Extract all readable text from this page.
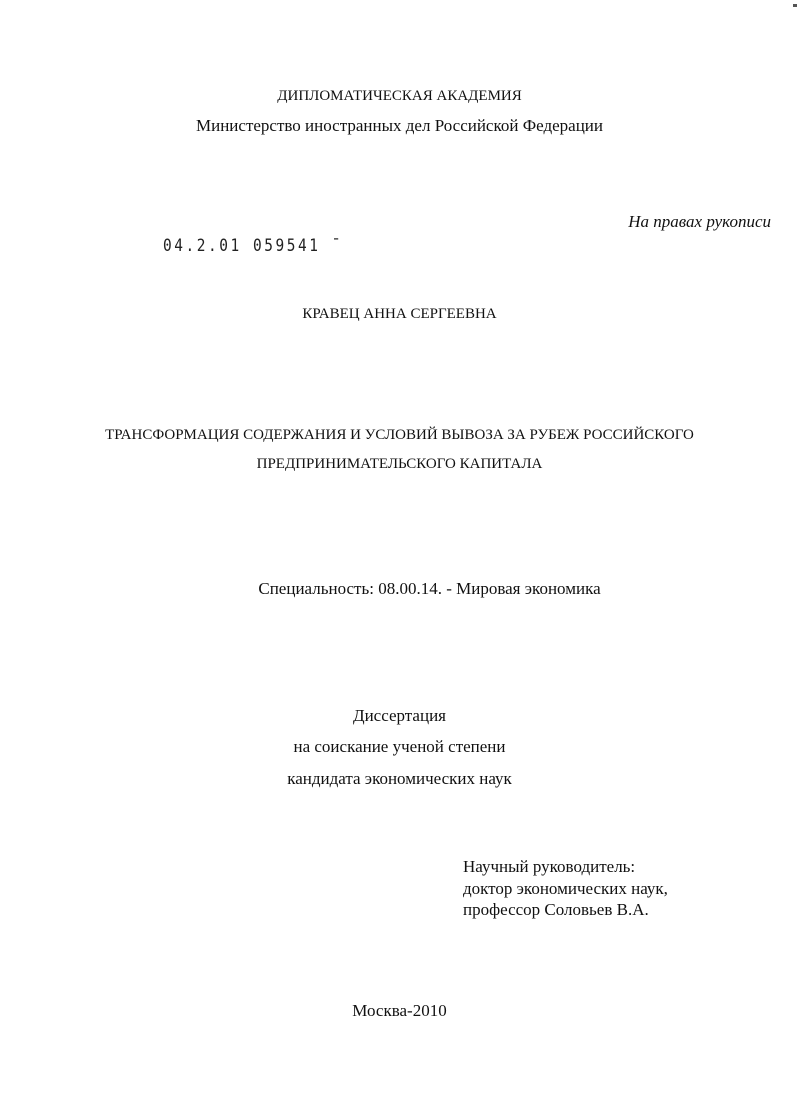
ДИПЛОМАТИЧЕСКАЯ АКАДЕМИЯ
Министерство иностранных дел Российской Федерации
На правах рукописи
04.2.01 059541 ˉ
КРАВЕЦ АННА СЕРГЕЕВНА
ТРАНСФОРМАЦИЯ СОДЕРЖАНИЯ И УСЛОВИЙ ВЫВОЗА ЗА РУБЕЖ РОССИЙСКОГО
ПРЕДПРИНИМАТЕЛЬСКОГО КАПИТАЛА
Специальность: 08.00.14. - Мировая экономика
Диссертация
на соискание ученой степени
кандидата экономических наук
Научный руководитель:
доктор экономических наук,
профессор Соловьев В.А.
Москва-2010
